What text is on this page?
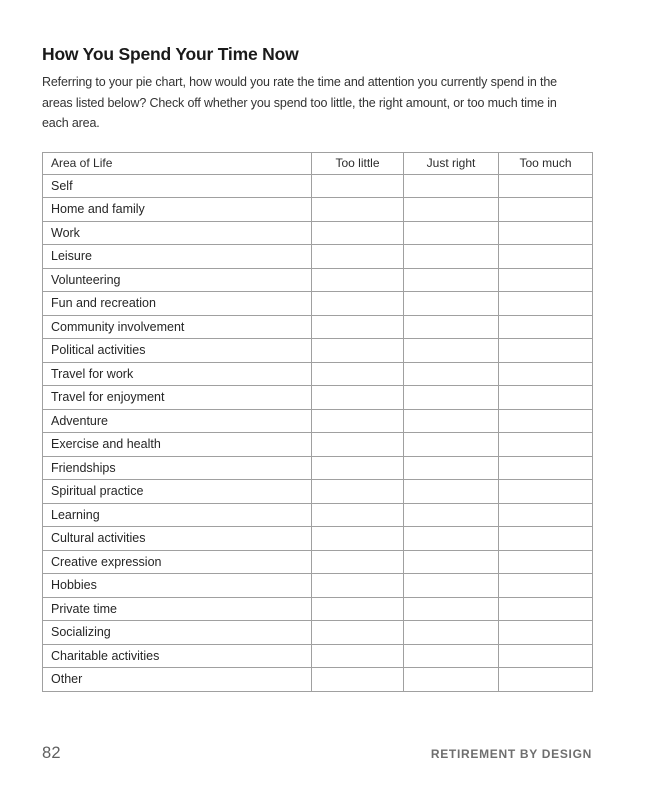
How You Spend Your Time Now
Referring to your pie chart, how would you rate the time and attention you currently spend in the
areas listed below? Check off whether you spend too little, the right amount, or too much time in
each area.
Area of Life	Too little	Just right	Too much
Self			
Home and family			
Work			
Leisure			
Volunteering			
Fun and recreation			
Community involvement			
Political activities			
Travel for work			
Travel for enjoyment			
Adventure			
Exercise and health			
Friendships			
Spiritual practice			
Learning			
Cultural activities			
Creative expression			
Hobbies			
Private time			
Socializing			
Charitable activities			
Other			
82	RETIREMENT BY DESIGN
